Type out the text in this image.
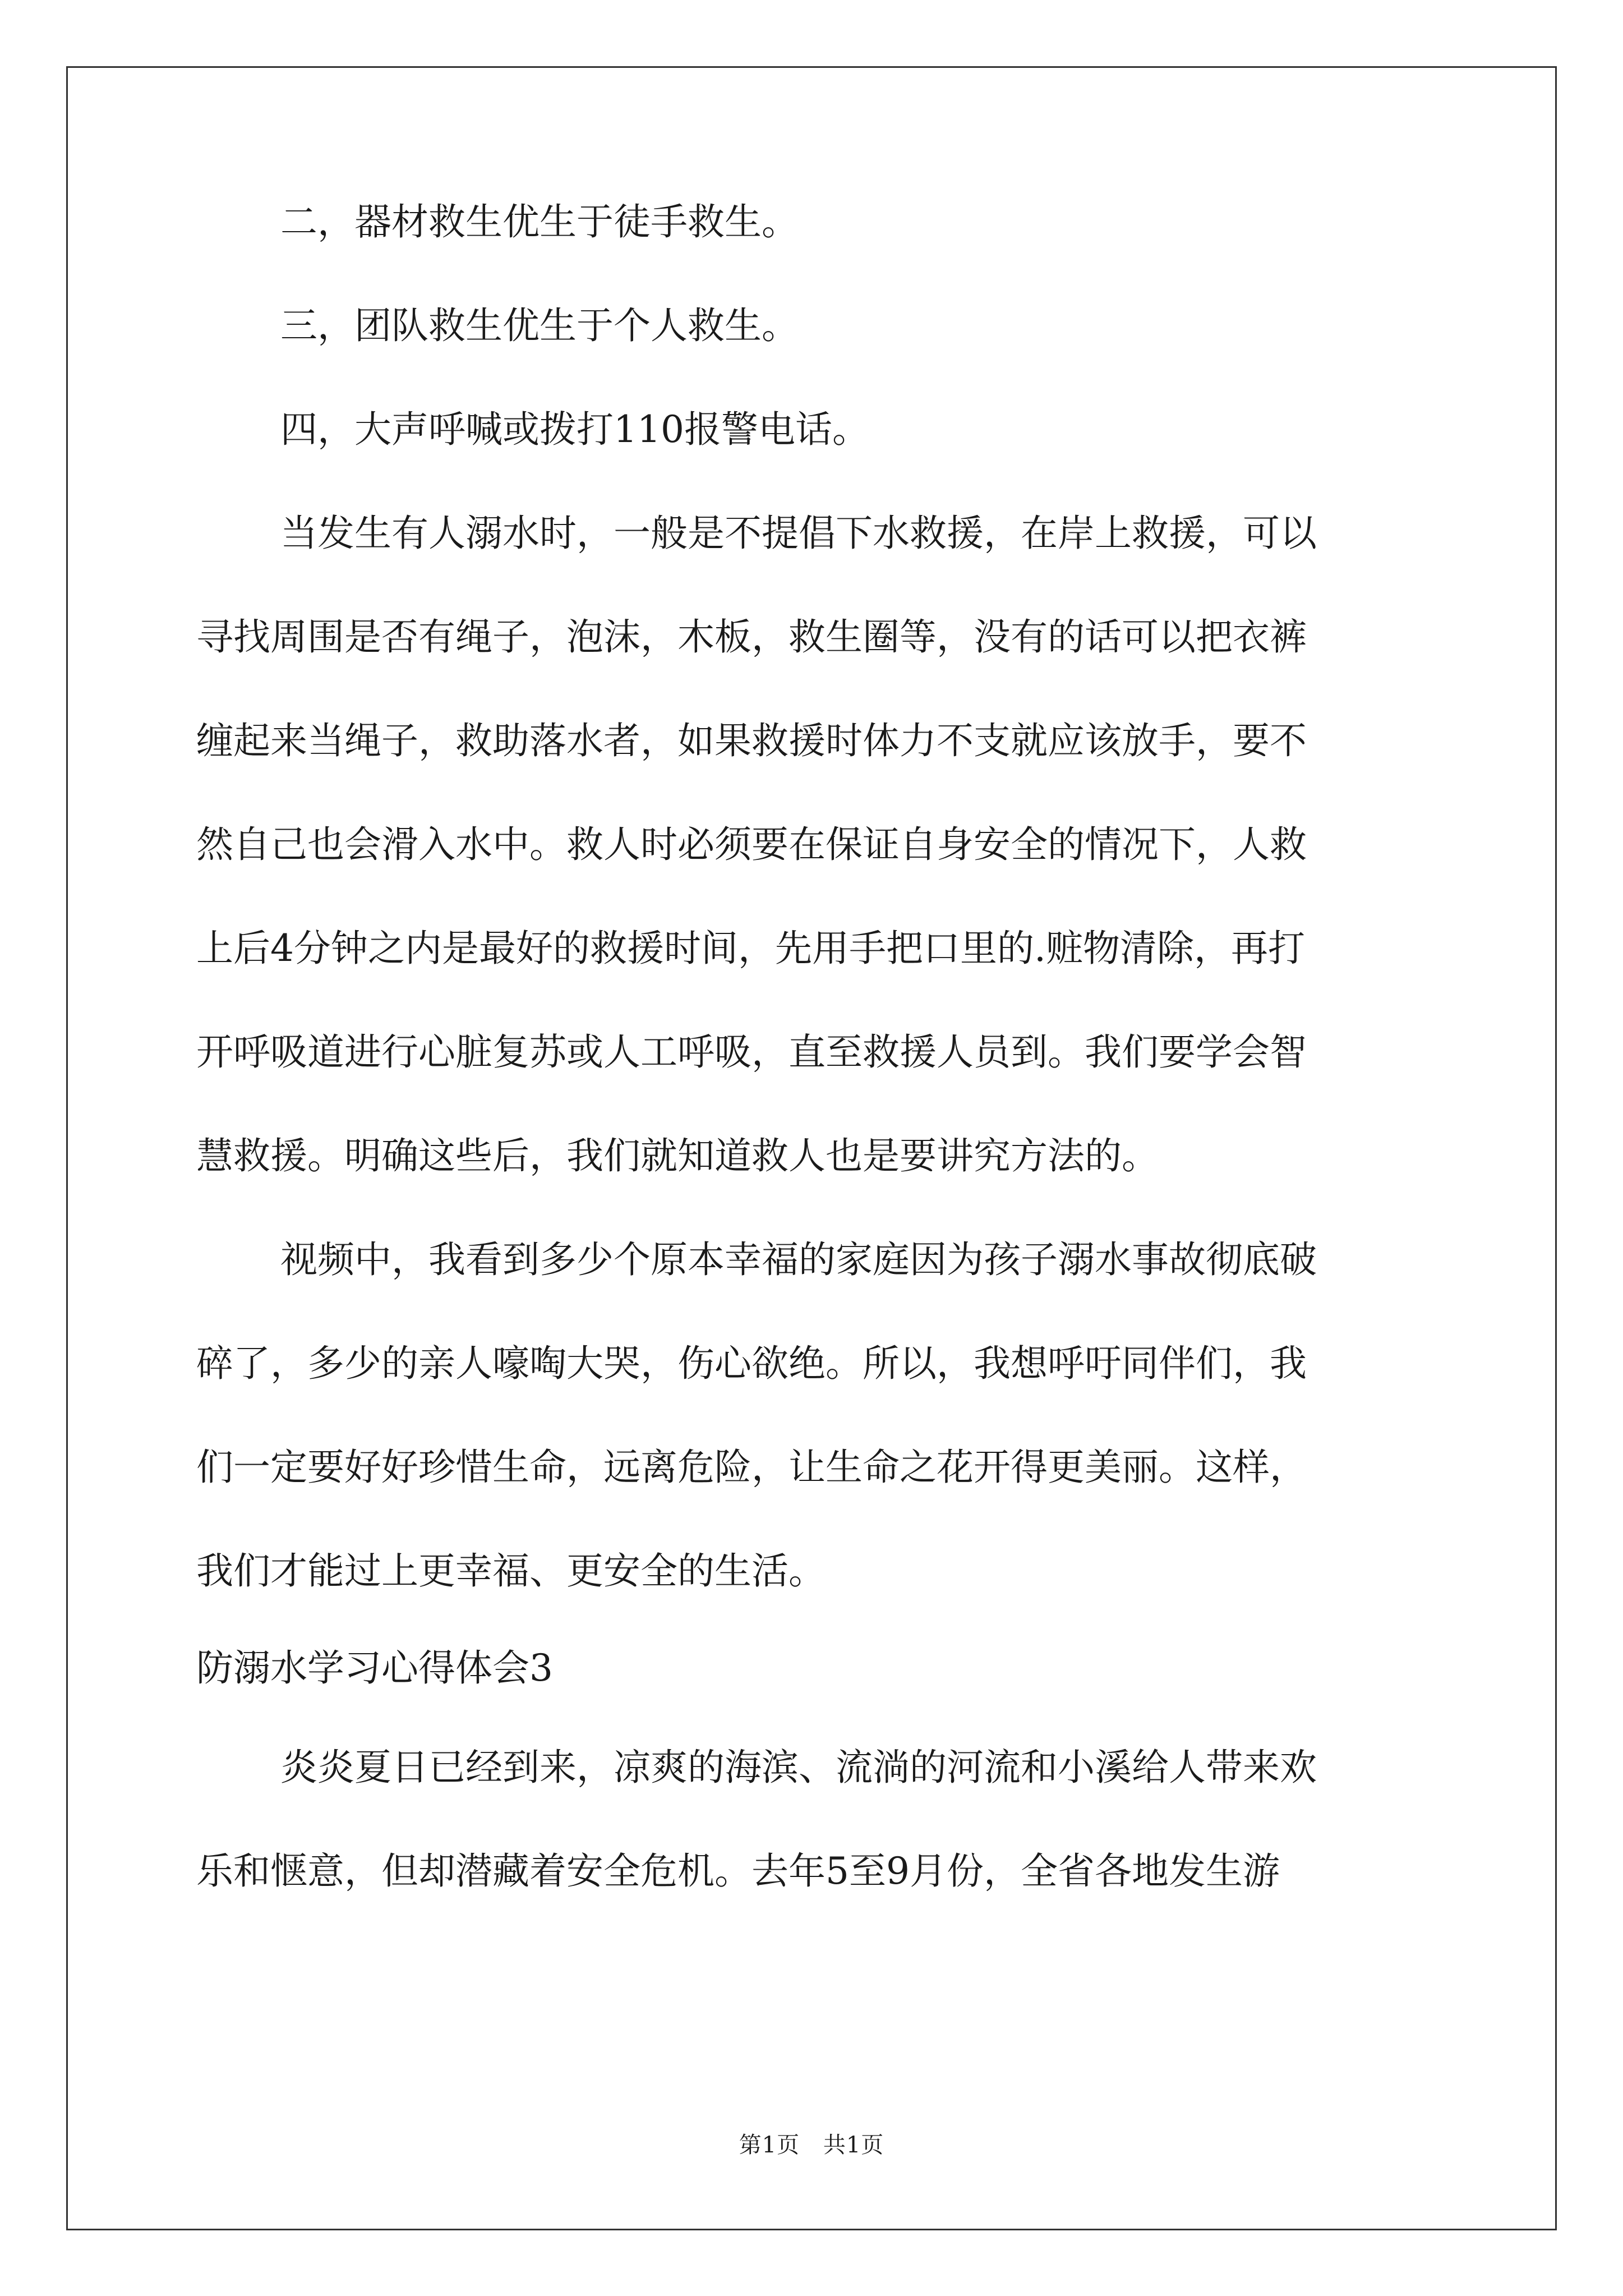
二，器材救生优生于徒手救生。

三，团队救生优生于个人救生。

四，大声呼喊或拨打110报警电话。

当发生有人溺水时，一般是不提倡下水救援，在岸上救援，可以

寻找周围是否有绳子，泡沫，木板，救生圈等，没有的话可以把衣裤

缠起来当绳子，救助落水者，如果救援时体力不支就应该放手，要不

然自己也会滑入水中。救人时必须要在保证自身安全的情况下，人救

上后4分钟之内是最好的救援时间，先用手把口里的.赃物清除，再打

开呼吸道进行心脏复苏或人工呼吸，直至救援人员到。我们要学会智

慧救援。明确这些后，我们就知道救人也是要讲究方法的。

视频中，我看到多少个原本幸福的家庭因为孩子溺水事故彻底破

碎了，多少的亲人嚎啕大哭，伤心欲绝。所以，我想呼吁同伴们，我

们一定要好好珍惜生命，远离危险，让生命之花开得更美丽。这样，

我们才能过上更幸福、更安全的生活。

防溺水学习心得体会3

炎炎夏日已经到来，凉爽的海滨、流淌的河流和小溪给人带来欢

乐和惬意，但却潜藏着安全危机。去年5至9月份，全省各地发生游

第1页 共1页
